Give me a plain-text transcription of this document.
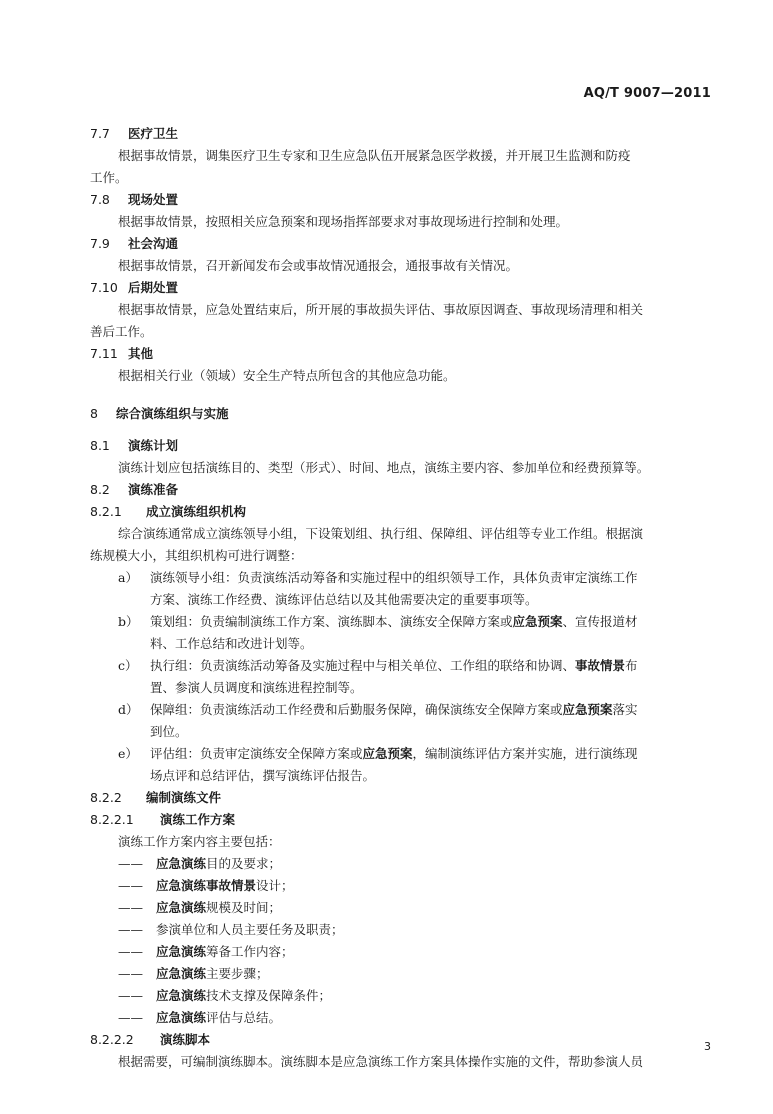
AQ/T 9007—2011
7.7 医疗卫生
根据事故情景，调集医疗卫生专家和卫生应急队伍开展紧急医学救援，并开展卫生监测和防疫
工作。
7.8 现场处置
根据事故情景，按照相关应急预案和现场指挥部要求对事故现场进行控制和处理。
7.9 社会沟通
根据事故情景，召开新闻发布会或事故情况通报会，通报事故有关情况。
7.10 后期处置
根据事故情景，应急处置结束后，所开展的事故损失评估、事故原因调查、事故现场清理和相关
善后工作。
7.11 其他
根据相关行业（领域）安全生产特点所包含的其他应急功能。
8 综合演练组织与实施
8.1 演练计划
演练计划应包括演练目的、类型（形式）、时间、地点，演练主要内容、参加单位和经费预算等。
8.2 演练准备
8.2.1 成立演练组织机构
综合演练通常成立演练领导小组，下设策划组、执行组、保障组、评估组等专业工作组。根据演
练规模大小，其组织机构可进行调整：
a） 演练领导小组：负责演练活动筹备和实施过程中的组织领导工作，具体负责审定演练工作
方案、演练工作经费、演练评估总结以及其他需要决定的重要事项等。
b） 策划组：负责编制演练工作方案、演练脚本、演练安全保障方案或应急预案、宣传报道材
料、工作总结和改进计划等。
c） 执行组：负责演练活动筹备及实施过程中与相关单位、工作组的联络和协调、事故情景布
置、参演人员调度和演练进程控制等。
d） 保障组：负责演练活动工作经费和后勤服务保障，确保演练安全保障方案或应急预案落实
到位。
e） 评估组：负责审定演练安全保障方案或应急预案，编制演练评估方案并实施，进行演练现
场点评和总结评估，撰写演练评估报告。
8.2.2 编制演练文件
8.2.2.1 演练工作方案
演练工作方案内容主要包括：
—— 应急演练目的及要求；
—— 应急演练事故情景设计；
—— 应急演练规模及时间；
—— 参演单位和人员主要任务及职责；
—— 应急演练筹备工作内容；
—— 应急演练主要步骤；
—— 应急演练技术支撑及保障条件；
—— 应急演练评估与总结。
8.2.2.2 演练脚本
根据需要，可编制演练脚本。演练脚本是应急演练工作方案具体操作实施的文件，帮助参演人员
3
